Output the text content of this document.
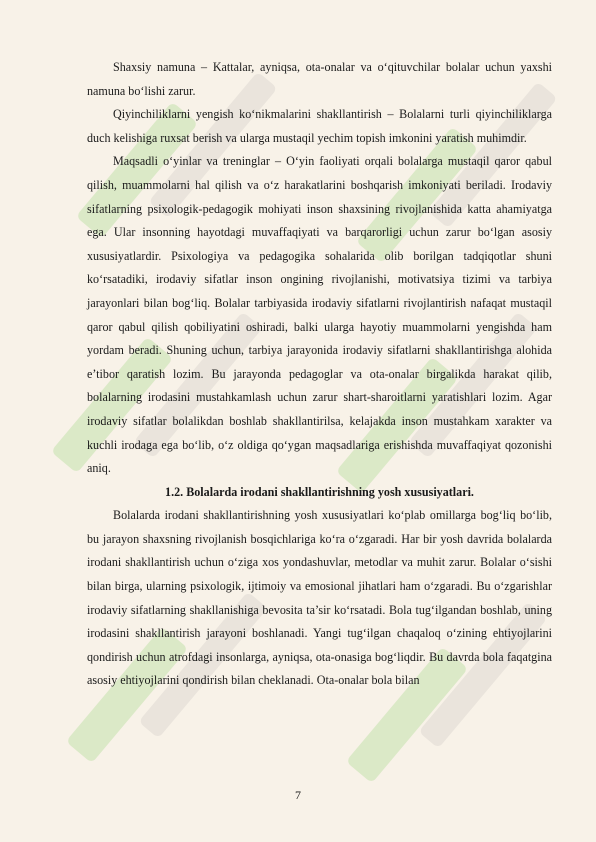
Shaxsiy namuna – Kattalar, ayniqsa, ota-onalar va o‘qituvchilar bolalar uchun yaxshi namuna bo‘lishi zarur.

Qiyinchiliklarni yengish ko‘nikmalarini shakllantirish – Bolalarni turli qiyinchiliklarga duch kelishiga ruxsat berish va ularga mustaqil yechim topish imkonini yaratish muhimdir.

Maqsadli o‘yinlar va treninglar – O‘yin faoliyati orqali bolalarga mustaqil qaror qabul qilish, muammolarni hal qilish va o‘z harakatlarini boshqarish imkoniyati beriladi. Irodaviy sifatlarning psixologik-pedagogik mohiyati inson shaxsining rivojlanishida katta ahamiyatga ega. Ular insonning hayotdagi muvaffaqiyati va barqarorligi uchun zarur bo‘lgan asosiy xususiyatlardir. Psixologiya va pedagogika sohalarida olib borilgan tadqiqotlar shuni ko‘rsatadiki, irodaviy sifatlar inson ongining rivojlanishi, motivatsiya tizimi va tarbiya jarayonlari bilan bog‘liq. Bolalar tarbiyasida irodaviy sifatlarni rivojlantirish nafaqat mustaqil qaror qabul qilish qobiliyatini oshiradi, balki ularga hayotiy muammolarni yengishda ham yordam beradi. Shuning uchun, tarbiya jarayonida irodaviy sifatlarni shakllantirishga alohida e’tibor qaratish lozim. Bu jarayonda pedagoglar va ota-onalar birgalikda harakat qilib, bolalarning irodasini mustahkamlash uchun zarur shart-sharoitlarni yaratishlari lozim. Agar irodaviy sifatlar bolalikdan boshlab shakllantirilsa, kelajakda inson mustahkam xarakter va kuchli irodaga ega bo‘lib, o‘z oldiga qo‘ygan maqsadlariga erishishda muvaffaqiyat qozonishi aniq.

1.2. Bolalarda irodani shakllantirishning yosh xususiyatlari.

Bolalarda irodani shakllantirishning yosh xususiyatlari ko‘plab omillarga bog‘liq bo‘lib, bu jarayon shaxsning rivojlanish bosqichlariga ko‘ra o‘zgaradi. Har bir yosh davrida bolalarda irodani shakllantirish uchun o‘ziga xos yondashuvlar, metodlar va muhit zarur. Bolalar o‘sishi bilan birga, ularning psixologik, ijtimoiy va emosional jihatlari ham o‘zgaradi. Bu o‘zgarishlar irodaviy sifatlarning shakllanishiga bevosita ta’sir ko‘rsatadi. Bola tug‘ilgandan boshlab, uning irodasini shakllantirish jarayoni boshlanadi. Yangi tug‘ilgan chaqaloq o‘zining ehtiyojlarini qondirish uchun atrofdagi insonlarga, ayniqsa, ota-onasiga bog‘liqdir. Bu davrda bola faqatgina asosiy ehtiyojlarini qondirish bilan cheklanadi. Ota-onalar bola bilan

7
